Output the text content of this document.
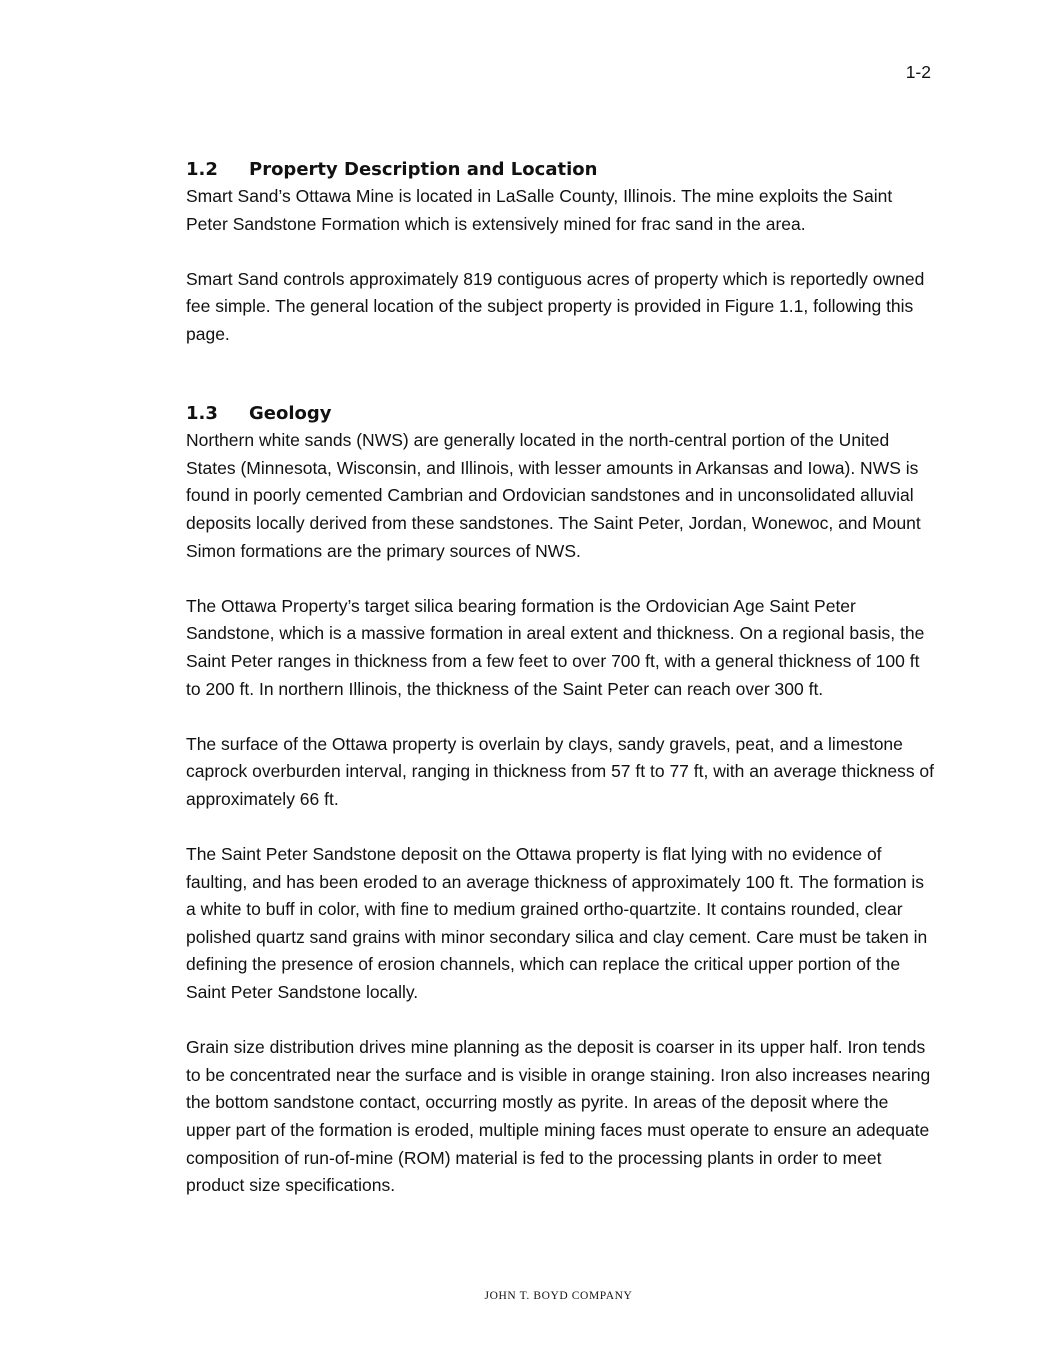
1-2
1.2	Property Description and Location

Smart Sand’s Ottawa Mine is located in LaSalle County, Illinois. The mine exploits the Saint Peter Sandstone Formation which is extensively mined for frac sand in the area.

Smart Sand controls approximately 819 contiguous acres of property which is reportedly owned fee simple. The general location of the subject property is provided in Figure 1.1, following this page.

1.3	Geology

Northern white sands (NWS) are generally located in the north-central portion of the United States (Minnesota, Wisconsin, and Illinois, with lesser amounts in Arkansas and Iowa). NWS is found in poorly cemented Cambrian and Ordovician sandstones and in unconsolidated alluvial deposits locally derived from these sandstones. The Saint Peter, Jordan, Wonewoc, and Mount Simon formations are the primary sources of NWS.

The Ottawa Property’s target silica bearing formation is the Ordovician Age Saint Peter Sandstone, which is a massive formation in areal extent and thickness. On a regional basis, the Saint Peter ranges in thickness from a few feet to over 700 ft, with a general thickness of 100 ft to 200 ft. In northern Illinois, the thickness of the Saint Peter can reach over 300 ft.

The surface of the Ottawa property is overlain by clays, sandy gravels, peat, and a limestone caprock overburden interval, ranging in thickness from 57 ft to 77 ft, with an average thickness of approximately 66 ft.

The Saint Peter Sandstone deposit on the Ottawa property is flat lying with no evidence of faulting, and has been eroded to an average thickness of approximately 100 ft. The formation is a white to buff in color, with fine to medium grained ortho-quartzite. It contains rounded, clear polished quartz sand grains with minor secondary silica and clay cement. Care must be taken in defining the presence of erosion channels, which can replace the critical upper portion of the Saint Peter Sandstone locally.

Grain size distribution drives mine planning as the deposit is coarser in its upper half. Iron tends to be concentrated near the surface and is visible in orange staining. Iron also increases nearing the bottom sandstone contact, occurring mostly as pyrite. In areas of the deposit where the upper part of the formation is eroded, multiple mining faces must operate to ensure an adequate composition of run-of-mine (ROM) material is fed to the processing plants in order to meet product size specifications.

JOHN T. BOYD COMPANY
